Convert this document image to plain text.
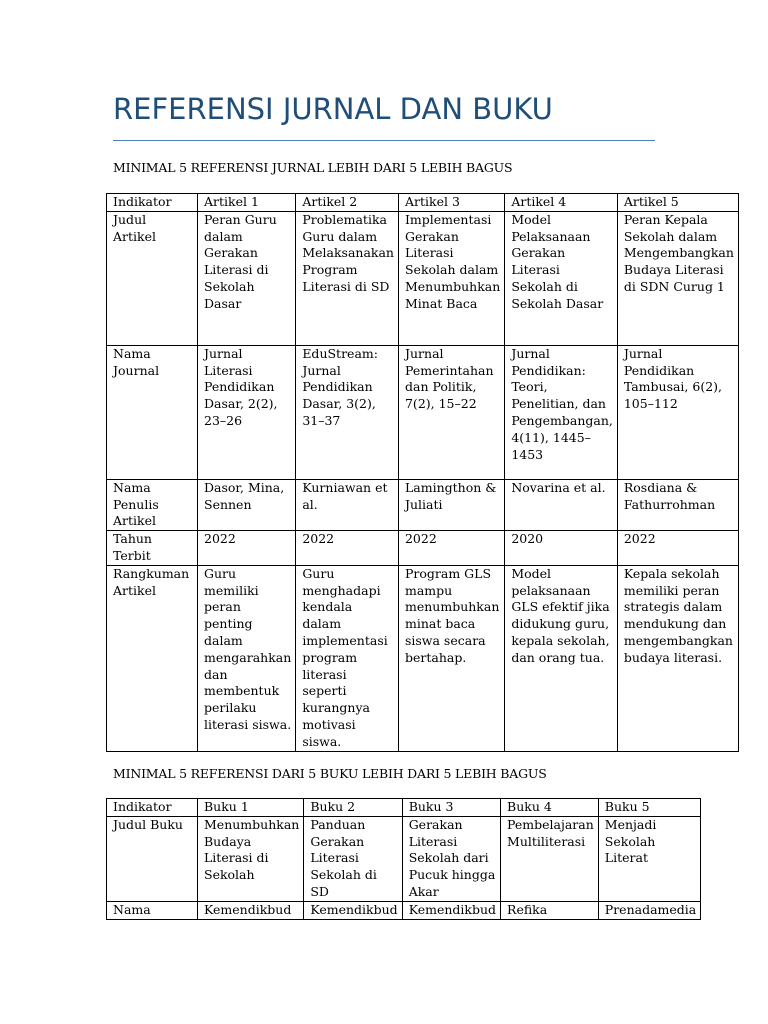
REFERENSI JURNAL DAN BUKU
MINIMAL 5 REFERENSI JURNAL LEBIH DARI 5 LEBIH BAGUS
Indikator	Artikel 1	Artikel 2	Artikel 3	Artikel 4	Artikel 5
Judul Artikel	Peran Guru dalam Gerakan Literasi di Sekolah Dasar	Problematika Guru dalam Melaksanakan Program Literasi di SD	Implementasi Gerakan Literasi Sekolah dalam Menumbuhkan Minat Baca	Model Pelaksanaan Gerakan Literasi Sekolah di Sekolah Dasar	Peran Kepala Sekolah dalam Mengembangkan Budaya Literasi di SDN Curug 1
Nama Journal	Jurnal Literasi Pendidikan Dasar, 2(2), 23–26	EduStream: Jurnal Pendidikan Dasar, 3(2), 31–37	Jurnal Pemerintahan dan Politik, 7(2), 15–22	Jurnal Pendidikan: Teori, Penelitian, dan Pengembangan, 4(11), 1445–1453	Jurnal Pendidikan Tambusai, 6(2), 105–112
Nama Penulis Artikel	Dasor, Mina, Sennen	Kurniawan et al.	Lamingthon & Juliati	Novarina et al.	Rosdiana & Fathurrohman
Tahun Terbit	2022	2022	2022	2020	2022
Rangkuman Artikel	Guru memiliki peran penting dalam mengarahkan dan membentuk perilaku literasi siswa.	Guru menghadapi kendala dalam implementasi program literasi seperti kurangnya motivasi siswa.	Program GLS mampu menumbuhkan minat baca siswa secara bertahap.	Model pelaksanaan GLS efektif jika didukung guru, kepala sekolah, dan orang tua.	Kepala sekolah memiliki peran strategis dalam mendukung dan mengembangkan budaya literasi.
MINIMAL 5 REFERENSI DARI 5 BUKU LEBIH DARI 5 LEBIH BAGUS
Indikator	Buku 1	Buku 2	Buku 3	Buku 4	Buku 5
Judul Buku	Menumbuhkan Budaya Literasi di Sekolah	Panduan Gerakan Literasi Sekolah di SD	Gerakan Literasi Sekolah dari Pucuk hingga Akar	Pembelajaran Multiliterasi	Menjadi Sekolah Literat
Nama	Kemendikbud	Kemendikbud	Kemendikbud	Refika	Prenadamedia
